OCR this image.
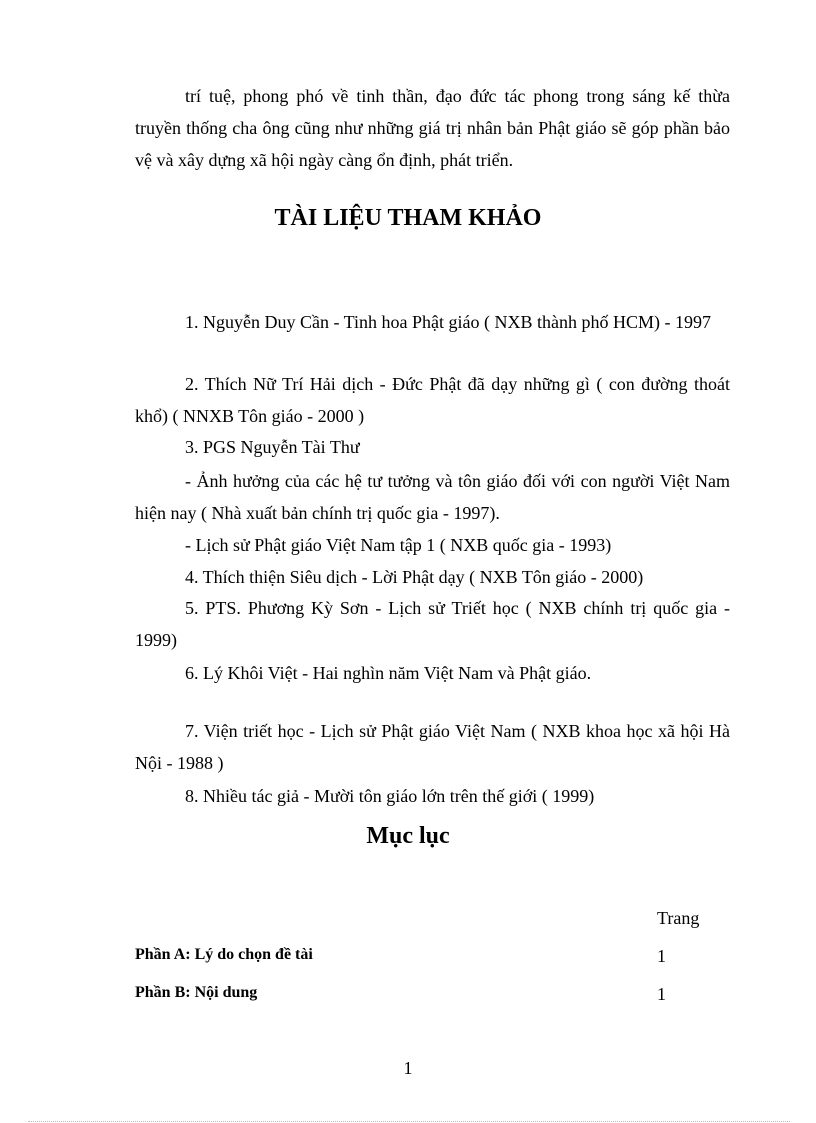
trí tuệ, phong phó về tinh thần, đạo đức tác phong trong sáng kế thừa truyền thống cha ông cũng như những giá trị nhân bản Phật giáo sẽ góp phần bảo vệ và xây dựng xã hội ngày càng ổn định, phát triển.

TÀI LIỆU THAM KHẢO

1. Nguyễn Duy Cần - Tinh hoa Phật giáo ( NXB thành phố HCM) - 1997

2. Thích Nữ Trí Hải dịch - Đức Phật đã dạy những gì ( con đường thoát khổ) ( NNXB Tôn giáo - 2000 )

3. PGS Nguyễn Tài Thư

- Ảnh hưởng của các hệ tư tưởng và tôn giáo đối với con người Việt Nam hiện nay ( Nhà xuất bản chính trị quốc gia - 1997).

- Lịch sử Phật giáo Việt Nam tập 1 ( NXB quốc gia - 1993)

4. Thích thiện Siêu dịch - Lời Phật dạy ( NXB Tôn giáo - 2000)

5. PTS. Phương Kỳ Sơn - Lịch sử Triết học ( NXB chính trị quốc gia - 1999)

6. Lý Khôi Việt - Hai nghìn năm Việt Nam và Phật giáo.

7. Viện triết học - Lịch sử Phật giáo Việt Nam ( NXB khoa học xã hội Hà Nội - 1988 )

8. Nhiều tác giả - Mười tôn giáo lớn trên thế giới ( 1999)

Mục lục
Trang
Phần A: Lý do chọn đề tài	1
Phần B: Nội dung	1
1
